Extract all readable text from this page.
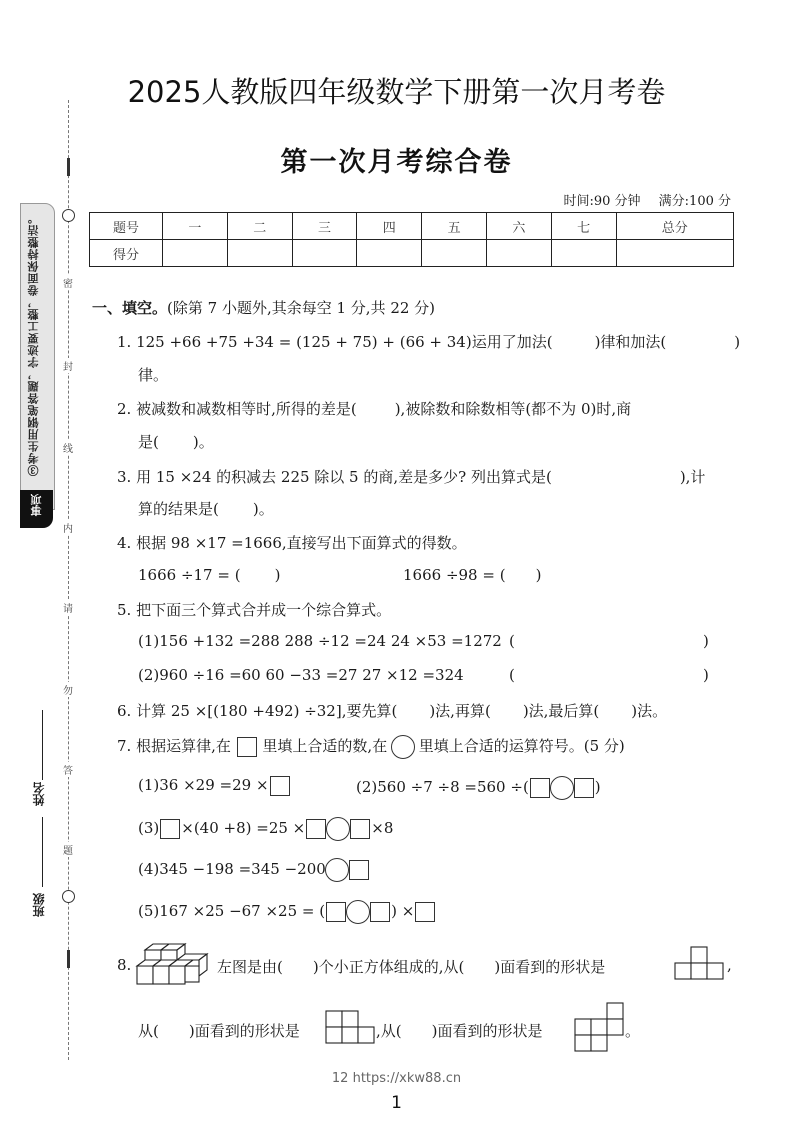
2025人教版四年级数学下册第一次月考卷
第一次月考综合卷
时间:90 分钟 满分:100 分
题号	一	二	三	四	五	六	七	总分
得分								
密
封
线
内
请
勿
答
题
③考生用钢笔答题，字迹要工整，卷面保持整洁。
事项
姓名
班级
一、填空。(除第 7 小题外,其余每空 1 分,共 22 分)
1. 125 +66 +75 +34 = (125 + 75) + (66 + 34)运用了加法(	)律和加法(	)
律。
2. 被减数和减数相等时,所得的差是(	),被除数和除数相等(都不为 0)时,商
是( )。
3. 用 15 ×24 的积减去 225 除以 5 的商,差是多少? 列出算式是(	),计
算的结果是( )。
4. 根据 98 ×17 =1666,直接写出下面算式的得数。
1666 ÷17 = ( )	1666 ÷98 = ( )
5. 把下面三个算式合并成一个综合算式。
(1)156 +132 =288 288 ÷12 =24 24 ×53 =1272 (	)
(2)960 ÷16 =60 60 −33 =27 27 ×12 =324	(	)
6. 计算 25 ×[(180 +492) ÷32],要先算( )法,再算( )法,最后算( )法。
7. 根据运算律,在 里填上合适的数,在 里填上合适的运算符号。(5 分)
(1)36 ×29 =29 ×	(2)560 ÷7 ÷8 =560 ÷(	)
(3) ×(40 +8) =25 ×	×8
(4)345 −198 =345 −200
(5)167 ×25 −67 ×25 = (	) ×
8.	左图是由( )个小正方体组成的,从( )面看到的形状是	,
从( )面看到的形状是	,从( )面看到的形状是	。
12 https://xkw88.cn
1
